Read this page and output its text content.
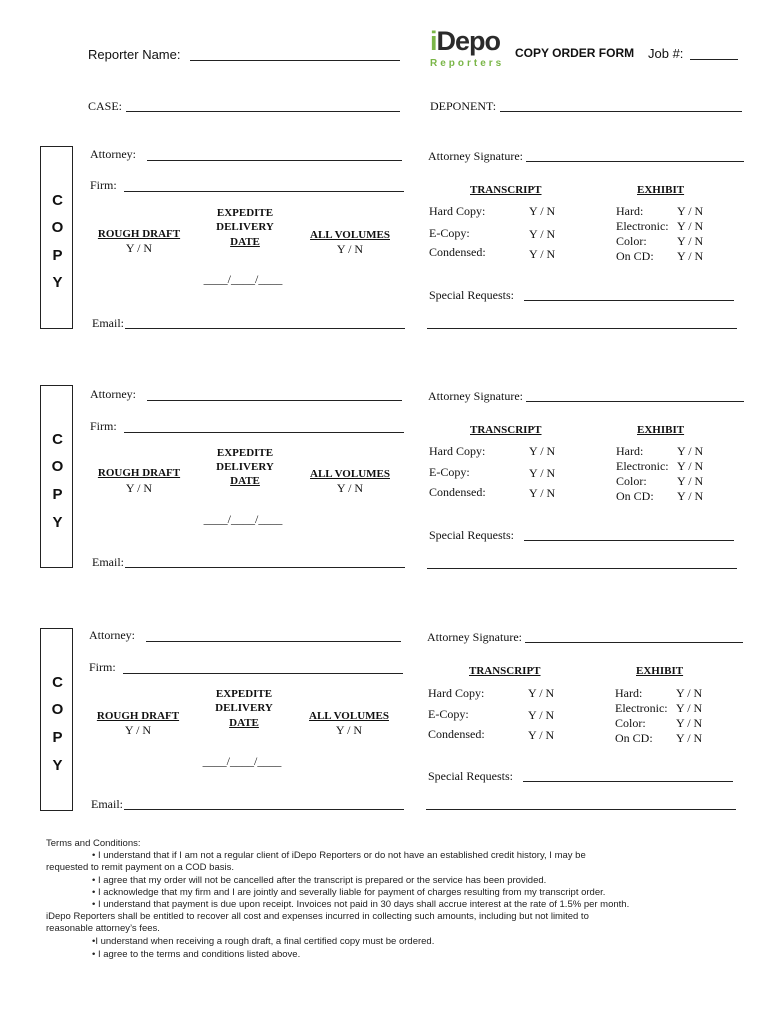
Reporter Name:	iDepo
Reporters
COPY ORDER FORM Job #:
CASE:	DEPONENT:
C
O
P
Y
Attorney:
Firm:
ROUGH DRAFT
Y / N
EXPEDITE
DELIVERY
DATE
____/____/____
ALL VOLUMES
Y / N
Email:
Attorney Signature:
TRANSCRIPT	EXHIBIT
Hard Copy:	Y / N
E-Copy:	Y / N
Condensed:	Y / N
Hard:	Y / N
Electronic: Y / N
Color:	Y / N
On CD: Y / N
Special Requests:
C
O
P
Y
Attorney:
Firm:
ROUGH DRAFT
Y / N
EXPEDITE
DELIVERY
DATE
____/____/____
ALL VOLUMES
Y / N
Email:
Attorney Signature:
TRANSCRIPT	EXHIBIT
Hard Copy:	Y / N
E-Copy:	Y / N
Condensed:	Y / N
Hard:	Y / N
Electronic: Y / N
Color:	Y / N
On CD: Y / N
Special Requests:
C
O
P
Y
Attorney:
Firm:
ROUGH DRAFT
Y / N
EXPEDITE
DELIVERY
DATE
____/____/____
ALL VOLUMES
Y / N
Email:
Attorney Signature:
TRANSCRIPT	EXHIBIT
Hard Copy:	Y / N
E-Copy:	Y / N
Condensed:	Y / N
Hard:	Y / N
Electronic: Y / N
Color:	Y / N
On CD: Y / N
Special Requests:
Terms and Conditions:
• I understand that if I am not a regular client of iDepo Reporters or do not have an established credit history, I may be
requested to remit payment on a COD basis.
• I agree that my order will not be cancelled after the transcript is prepared or the service has been provided.
• I acknowledge that my firm and I are jointly and severally liable for payment of charges resulting from my transcript order.
• I understand that payment is due upon receipt. Invoices not paid in 30 days shall accrue interest at the rate of 1.5% per month.
iDepo Reporters shall be entitled to recover all cost and expenses incurred in collecting such amounts, including but not limited to
reasonable attorney’s fees.
•I understand when receiving a rough draft, a final certified copy must be ordered.
• I agree to the terms and conditions listed above.
